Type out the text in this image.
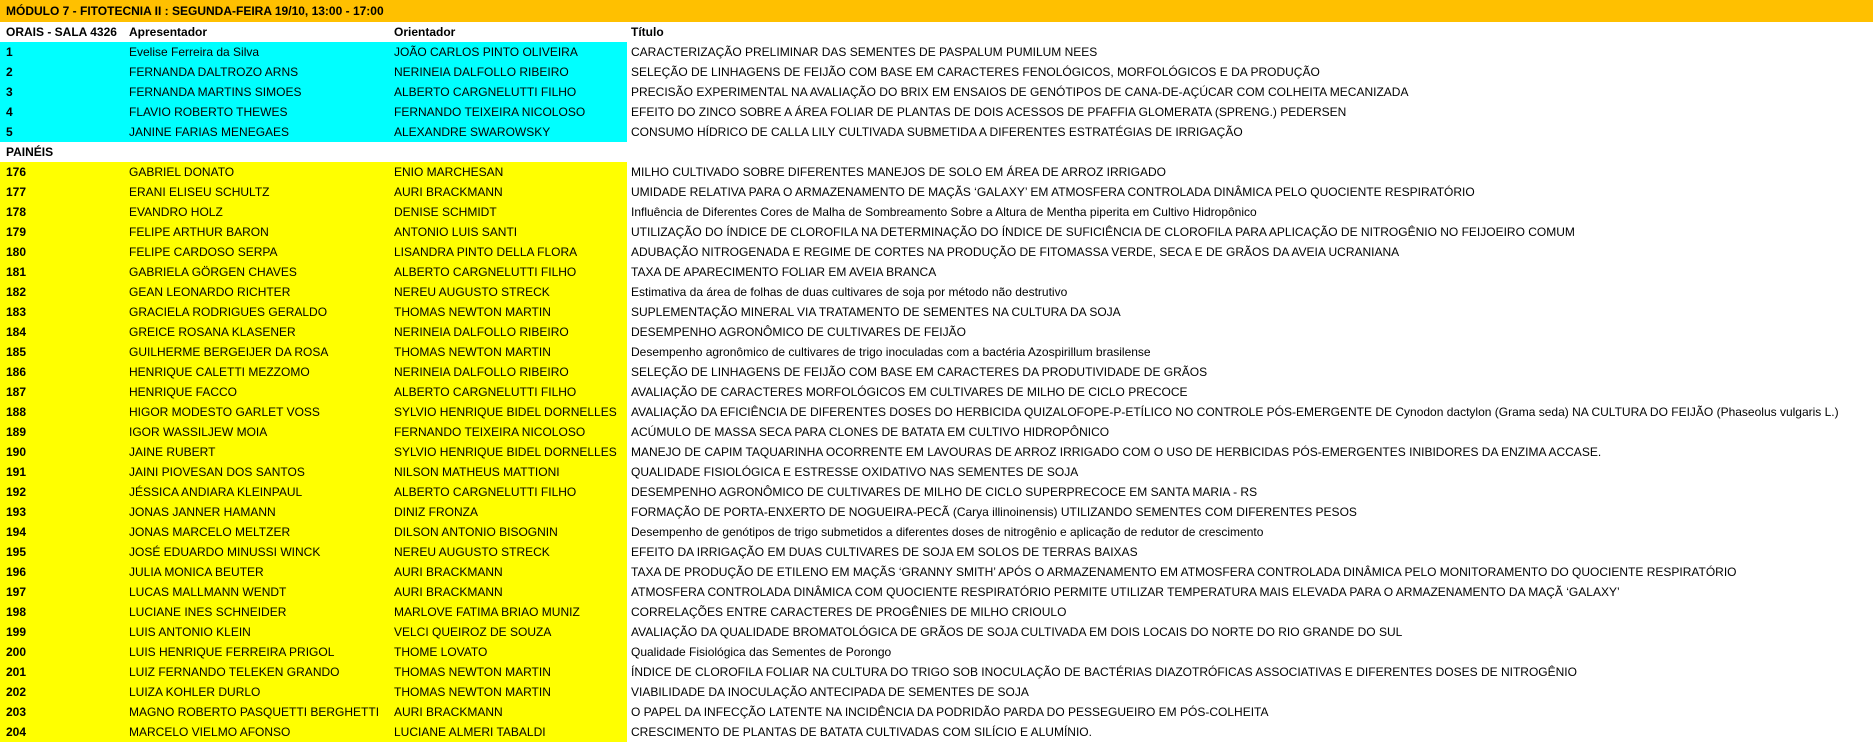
MÓDULO 7 - FITOTECNIA II : SEGUNDA-FEIRA 19/10, 13:00 - 17:00
ORAIS - SALA 4326	Apresentador	Orientador	Título
1	Evelise Ferreira da Silva	JOÃO CARLOS PINTO OLIVEIRA	CARACTERIZAÇÃO PRELIMINAR DAS SEMENTES DE PASPALUM PUMILUM NEES
2	FERNANDA DALTROZO ARNS	NERINEIA DALFOLLO RIBEIRO	SELEÇÃO DE LINHAGENS DE FEIJÃO COM BASE EM CARACTERES FENOLÓGICOS, MORFOLÓGICOS E DA PRODUÇÃO
3	FERNANDA MARTINS SIMOES	ALBERTO CARGNELUTTI FILHO	PRECISÃO EXPERIMENTAL NA AVALIAÇÃO DO BRIX EM ENSAIOS DE GENÓTIPOS DE CANA-DE-AÇÚCAR COM COLHEITA MECANIZADA
4	FLAVIO ROBERTO THEWES	FERNANDO TEIXEIRA NICOLOSO	EFEITO DO ZINCO SOBRE A ÁREA FOLIAR DE PLANTAS DE DOIS ACESSOS DE PFAFFIA GLOMERATA (SPRENG.) PEDERSEN
5	JANINE FARIAS MENEGAES	ALEXANDRE SWAROWSKY	CONSUMO HÍDRICO DE CALLA LILY CULTIVADA SUBMETIDA A DIFERENTES ESTRATÉGIAS DE IRRIGAÇÃO
PAINÉIS
176	GABRIEL DONATO	ENIO MARCHESAN	MILHO CULTIVADO SOBRE DIFERENTES MANEJOS DE SOLO EM ÁREA DE ARROZ IRRIGADO
177	ERANI ELISEU SCHULTZ	AURI BRACKMANN	UMIDADE RELATIVA PARA O ARMAZENAMENTO DE MAÇÃS ‘GALAXY’ EM ATMOSFERA CONTROLADA DINÂMICA PELO QUOCIENTE RESPIRATÓRIO
178	EVANDRO HOLZ	DENISE SCHMIDT	Influência de Diferentes Cores de Malha de Sombreamento Sobre a Altura de Mentha piperita em Cultivo Hidropônico
179	FELIPE ARTHUR BARON	ANTONIO LUIS SANTI	UTILIZAÇÃO DO ÍNDICE DE CLOROFILA NA DETERMINAÇÃO DO ÍNDICE DE SUFICIÊNCIA DE CLOROFILA PARA APLICAÇÃO DE NITROGÊNIO NO FEIJOEIRO COMUM
180	FELIPE CARDOSO SERPA	LISANDRA PINTO DELLA FLORA	ADUBAÇÃO NITROGENADA E REGIME DE CORTES NA PRODUÇÃO DE FITOMASSA VERDE, SECA E DE GRÃOS DA AVEIA UCRANIANA
181	GABRIELA GÖRGEN CHAVES	ALBERTO CARGNELUTTI FILHO	TAXA DE APARECIMENTO FOLIAR EM AVEIA BRANCA
182	GEAN LEONARDO RICHTER	NEREU AUGUSTO STRECK	Estimativa da área de folhas de duas cultivares de soja por método não destrutivo
183	GRACIELA RODRIGUES GERALDO	THOMAS NEWTON MARTIN	SUPLEMENTAÇÃO MINERAL VIA TRATAMENTO DE SEMENTES NA CULTURA DA SOJA
184	GREICE ROSANA KLASENER	NERINEIA DALFOLLO RIBEIRO	DESEMPENHO AGRONÔMICO DE CULTIVARES DE FEIJÃO
185	GUILHERME BERGEIJER DA ROSA	THOMAS NEWTON MARTIN	Desempenho agronômico de cultivares de trigo inoculadas com a bactéria Azospirillum brasilense
186	HENRIQUE CALETTI MEZZOMO	NERINEIA DALFOLLO RIBEIRO	SELEÇÃO DE LINHAGENS DE FEIJÃO COM BASE EM CARACTERES DA PRODUTIVIDADE DE GRÃOS
187	HENRIQUE FACCO	ALBERTO CARGNELUTTI FILHO	AVALIAÇÃO DE CARACTERES MORFOLÓGICOS EM CULTIVARES DE MILHO DE CICLO PRECOCE
188	HIGOR MODESTO GARLET VOSS	SYLVIO HENRIQUE BIDEL DORNELLES	AVALIAÇÃO DA EFICIÊNCIA DE DIFERENTES DOSES DO HERBICIDA QUIZALOFOPE-P-ETÍLICO NO CONTROLE PÓS-EMERGENTE DE Cynodon dactylon (Grama seda) NA CULTURA DO FEIJÃO (Phaseolus vulgaris L.)
189	IGOR WASSILJEW MOIA	FERNANDO TEIXEIRA NICOLOSO	ACÚMULO DE MASSA SECA PARA CLONES DE BATATA EM CULTIVO HIDROPÔNICO
190	JAINE RUBERT	SYLVIO HENRIQUE BIDEL DORNELLES	MANEJO DE CAPIM TAQUARINHA OCORRENTE EM LAVOURAS DE ARROZ IRRIGADO COM O USO DE HERBICIDAS PÓS-EMERGENTES INIBIDORES DA ENZIMA ACCASE.
191	JAINI PIOVESAN DOS SANTOS	NILSON MATHEUS MATTIONI	QUALIDADE FISIOLÓGICA E ESTRESSE OXIDATIVO NAS SEMENTES DE SOJA
192	JÉSSICA ANDIARA KLEINPAUL	ALBERTO CARGNELUTTI FILHO	DESEMPENHO AGRONÔMICO DE CULTIVARES DE MILHO DE CICLO SUPERPRECOCE EM SANTA MARIA - RS
193	JONAS JANNER HAMANN	DINIZ FRONZA	FORMAÇÃO DE PORTA-ENXERTO DE NOGUEIRA-PECÃ (Carya illinoinensis) UTILIZANDO SEMENTES COM DIFERENTES PESOS
194	JONAS MARCELO MELTZER	DILSON ANTONIO BISOGNIN	Desempenho de genótipos de trigo submetidos a diferentes doses de nitrogênio e aplicação de redutor de crescimento
195	JOSÉ EDUARDO MINUSSI WINCK	NEREU AUGUSTO STRECK	EFEITO DA IRRIGAÇÃO EM DUAS CULTIVARES DE SOJA EM SOLOS DE TERRAS BAIXAS
196	JULIA MONICA BEUTER	AURI BRACKMANN	TAXA DE PRODUÇÃO DE ETILENO EM MAÇÃS ‘GRANNY SMITH’ APÓS O ARMAZENAMENTO EM ATMOSFERA CONTROLADA DINÂMICA PELO MONITORAMENTO DO QUOCIENTE RESPIRATÓRIO
197	LUCAS MALLMANN WENDT	AURI BRACKMANN	ATMOSFERA CONTROLADA DINÂMICA COM QUOCIENTE RESPIRATÓRIO PERMITE UTILIZAR TEMPERATURA MAIS ELEVADA PARA O ARMAZENAMENTO DA MAÇÃ ‘GALAXY’
198	LUCIANE INES SCHNEIDER	MARLOVE FATIMA BRIAO MUNIZ	CORRELAÇÕES ENTRE CARACTERES DE PROGÊNIES DE MILHO CRIOULO
199	LUIS ANTONIO KLEIN	VELCI QUEIROZ DE SOUZA	AVALIAÇÃO DA QUALIDADE BROMATOLÓGICA DE GRÃOS DE SOJA CULTIVADA EM DOIS LOCAIS DO NORTE DO RIO GRANDE DO SUL
200	LUIS HENRIQUE FERREIRA PRIGOL	THOME LOVATO	Qualidade Fisiológica das Sementes de Porongo
201	LUIZ FERNANDO TELEKEN GRANDO	THOMAS NEWTON MARTIN	ÍNDICE DE CLOROFILA FOLIAR NA CULTURA DO TRIGO SOB INOCULAÇÃO DE BACTÉRIAS DIAZOTRÓFICAS ASSOCIATIVAS E DIFERENTES DOSES DE NITROGÊNIO
202	LUIZA KOHLER DURLO	THOMAS NEWTON MARTIN	VIABILIDADE DA INOCULAÇÃO ANTECIPADA DE SEMENTES DE SOJA
203	MAGNO ROBERTO PASQUETTI BERGHETTI	AURI BRACKMANN	O PAPEL DA INFECÇÃO LATENTE NA INCIDÊNCIA DA PODRIDÃO PARDA DO PESSEGUEIRO EM PÓS-COLHEITA
204	MARCELO VIELMO AFONSO	LUCIANE ALMERI TABALDI	CRESCIMENTO DE PLANTAS DE BATATA CULTIVADAS COM SILÍCIO E ALUMÍNIO.
